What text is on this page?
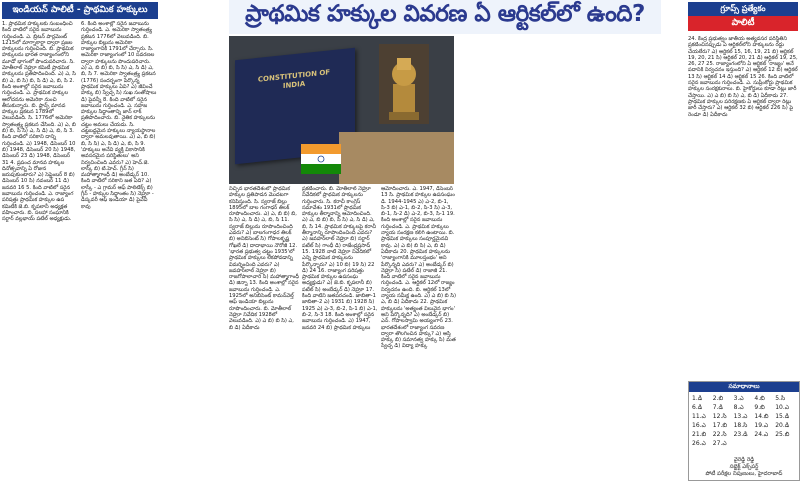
ఇండియన్ పాలిటీ - ప్రాథమిక హక్కులు	ప్రాథమిక హక్కుల వివరణ ఏ ఆర్టికల్‌లో ఉంది?	గ్రూప్స్ ప్రత్యేకం
పాలిటీ

1. ప్రాథమిక హక్కులకు సంబంధించి కింది వాటిలో సరైన జవాబును గుర్తించండి. ఎ. బ్రిటన్ పార్లమెంట్ 1215లో మాగ్నాకార్టా ద్వారా ప్రజల హక్కులను గుర్తించింది. బి. ప్రాథమిక హక్కులను భారత రాజ్యాంగంలోని మూడో భాగంలో పొందుపరిచారు. సి. మోతీలాల్ నెహ్రూ కమిటీ ప్రాథమిక హక్కులను ప్రతిపాదించింది. ఎ) ఎ, సి బి) ఎ, బి సి) బి, సి డి) ఎ, బి, సి 2. కింది అంశాల్లో సరైన జవాబును గుర్తించండి. ఎ. ప్రాథమిక హక్కుల ఆలోచనను అమెరికా నుంచి తీసుకున్నారు. బి. ఫ్రాన్స్ మానవ హక్కుల ప్రకటన 1789లో వెలువడింది. సి. 1776లో అమెరికా స్వాతంత్ర్య ప్రకటన చేసింది. ఎ) ఎ, బి బి) బి, సి సి) ఎ, సి డి) ఎ, బి, సి 3. కింది వాటిలో సరికాని దాన్ని గుర్తించండి. ఎ) 1948, డిసెంబర్ 10 బి) 1948, డిసెంబర్ 20 సి) 1948, డిసెంబర్ 23 డి) 1948, డిసెంబర్ 31 4. ప్రపంచ మానవ హక్కుల దినోత్సవాన్ని ఏ రోజున జరుపుకుంటారు? ఎ) సెప్టెంబర్ 8 బి) డిసెంబర్ 10 సి) నవంబర్ 11 డి) జనవరి 16 5. కింది వాటిలో సరైన జవాబును గుర్తించండి. ఎ. రాజ్యాంగ పరిషత్తు ప్రాథమిక హక్కుల ఉప కమిటీకి జె.బి. కృపలానీ అధ్యక్షత వహించారు. బి. సలహా సంఘానికి సర్దార్ వల్లభాయ్ పటేల్ అధ్యక్షుడు.

6. కింది అంశాల్లో సరైన జవాబును గుర్తించండి. ఎ. అమెరికా స్వాతంత్ర్య ప్రకటన 1776లో వెలువడింది. బి. హక్కుల బిల్లును అమెరికా రాజ్యాంగానికి 1791లో చేర్చారు. సి. అమెరికా రాజ్యాంగంలో 10 సవరణల ద్వారా హక్కులను పొందుపరిచారు. ఎ) ఎ, బి బి) బి, సి సి) ఎ, సి డి) ఎ, బి, సి 7. అమెరికా స్వాతంత్ర్య ప్రకటన (1776) సందర్భంగా పేర్కొన్న ప్రాథమిక హక్కులు ఏవి? ఎ) జీవించే హక్కు బి) స్వేచ్ఛ సి) సుఖ సంతోషాలు డి) పైవన్నీ 8. కింది వాటిలో సరైన జవాబును గుర్తించండి. ఎ. సహజ హక్కుల సిద్ధాంతాన్ని జాన్ లాక్ ప్రతిపాదించారు. బి. నైతిక హక్కులను చట్టం అమలు చేయదు. సి. చట్టబద్ధమైన హక్కులు న్యాయస్థానాల ద్వారా అమలవుతాయి. ఎ) ఎ, బి బి) బి, సి సి) ఎ, సి డి) ఎ, బి, సి 9. 'హక్కులు అనేవి వ్యక్తి వికాసానికి అవసరమైన పరిస్థితులు' అని నిర్వచించింది ఎవరు? ఎ) హెచ్.జె. లాస్కీ బి) టి.హెచ్. గ్రీన్ సి) మహాత్మాగాంధీ డి) అంబేడ్కర్ 10. కింది వాటిలో సరికాని జత ఏది? ఎ) లాస్కీ - ఎ గ్రామర్ ఆఫ్ పాలిటిక్స్ బి) గ్రీన్ - హక్కుల సిద్ధాంతం సి) నెహ్రూ - డిస్కవరీ ఆఫ్ ఇండియా డి) పైవేవీ కావు

CONSTITUTION OF INDIA

నిచ్చిన భారతదేశంలో ప్రాథమిక హక్కుల ప్రతిపాదన మొదటగా కనిపిస్తుంది. సి. స్వరాజ్ బిల్లు 1895లో బాల గంగాధర్ తిలక్ రూపొందించారు. ఎ) ఎ, బి బి) బి, సి సి) ఎ, సి డి) ఎ, బి, సి 11. స్వరాజ్ బిల్లును రూపొందించింది ఎవరు? ఎ) బాలగంగాధర తిలక్ బి) అనిబిసెంట్ సి) గోపాలకృష్ణ గోఖలే డి) దాదాభాయి నౌరోజీ 12. 'భారత ప్రభుత్వ చట్టం 1935'లో ప్రాథమిక హక్కులు లేకపోవడాన్ని విమర్శించింది ఎవరు? ఎ) జవహర్‌లాల్ నెహ్రూ బి) రాజగోపాలాచారి సి) మహాత్మాగాంధీ డి) జిన్నా 13. కింది అంశాల్లో సరైన జవాబును గుర్తించండి. ఎ. 1925లో అనిబిసెంట్ కామన్‌వెల్త్ ఆఫ్ ఇండియా బిల్లును రూపొందించారు. బి. మోతీలాల్ నెహ్రూ నివేదిక 1928లో వెలువడింది. ఎ) ఎ బి) బి సి) ఎ, బి డి) ఏదీకాదు

ప్రకటించారు. బి. మోతీలాల్ నెహ్రూ నివేదికలో ప్రాథమిక హక్కులను గుర్తించారు. సి. కరాచీ కాంగ్రెస్ సమావేశం 1931లో ప్రాథమిక హక్కుల తీర్మానాన్ని ఆమోదించింది. ఎ) ఎ, బి బి) బి, సి సి) ఎ, సి డి) ఎ, బి, సి 14. ప్రాథమిక హక్కులపై కరాచీ తీర్మానాన్ని రూపొందించింది ఎవరు? ఎ) జవహర్‌లాల్ నెహ్రూ బి) సర్దార్ పటేల్ సి) గాంధీ డి) రాజేంద్రప్రసాద్ 15. 1928 నాటి నెహ్రూ నివేదికలో ఎన్ని ప్రాథమిక హక్కులను పేర్కొన్నారు? ఎ) 10 బి) 19 సి) 22 డి) 24 16. రాజ్యాంగ పరిషత్తు ప్రాథమిక హక్కుల ఉపసంఘ అధ్యక్షుడు? ఎ) జె.బి. కృపలానీ బి) పటేల్ సి) అంబేడ్కర్ డి) నెహ్రూ 17. కింది వాటిని జతపరచండి. జాబితా-1 జాబితా-2 ఎ) 1931 బి) 1928 సి) 1925 ఎ) ఎ-3, బి-2, సి-1 బి) ఎ-1, బి-2, సి-3 18. కింది అంశాల్లో సరైన జవాబును గుర్తించండి. ఎ) 1947, జనవరి 24 బి) ప్రాథమిక హక్కులు

ఆమోదించారు. ఎ. 1947, డిసెంబర్ 13 సి. ప్రాథమిక హక్కుల ఉపసంఘం డి. 1944-1945 ఎ) ఎ-2, బి-1, సి-3 బి) ఎ-1, బి-2, సి-3 సి) ఎ-3, బి-1, సి-2 డి) ఎ-2, బి-3, సి-1 19. కింది అంశాల్లో సరైన జవాబును గుర్తించండి. ఎ. ప్రాథమిక హక్కులు న్యాయ సంరక్షణ కలిగి ఉంటాయి. బి. ప్రాథమిక హక్కులు సంపూర్ణమైనవి కావు. ఎ) ఎ బి) బి సి) ఎ, బి డి) ఏదీకాదు 20. ప్రాథమిక హక్కులను 'రాజ్యాంగానికి మూలస్తంభం' అని పేర్కొన్నది ఎవరు? ఎ) అంబేడ్కర్ బి) నెహ్రూ సి) పటేల్ డి) రాజాజీ 21. కింది వాటిలో సరైన జవాబును గుర్తించండి. ఎ. ఆర్టికల్ 12లో రాజ్యం నిర్వచనం ఉంది. బి. ఆర్టికల్ 13లో న్యాయ సమీక్ష ఉంది. ఎ) ఎ బి) బి సి) ఎ, బి డి) ఏదీకాదు 22. ప్రాథమిక హక్కులను 'అత్యంత విలువైన భాగం' అని పేర్కొన్నది? ఎ) అంబేడ్కర్ బి) ఎన్. గోపాలస్వామి అయ్యంగార్ 23. భారతదేశంలో రాజ్యాంగ సవరణ ద్వారా తొలగించిన హక్కు? ఎ) ఆస్తి హక్కు బి) సమానత్వ హక్కు సి) మత స్వేచ్ఛ డి) విద్యా హక్కు

24. కేంద్ర ప్రభుత్వం జాతీయ అత్యవసర పరిస్థితిని ప్రకటించినప్పుడు ఏ ఆర్టికల్‌లోని హక్కులను రద్దు చేయలేరు? ఎ) ఆర్టికల్ 15, 16, 19, 21 బి) ఆర్టికల్ 19, 20, 21 సి) ఆర్టికల్ 20, 21 డి) ఆర్టికల్ 19, 25, 26, 27 25. రాజ్యాంగంలోని ఏ ఆర్టికల్ 'రాజ్యం' అనే పదానికి నిర్వచనం ఇస్తుంది? ఎ) ఆర్టికల్ 12 బి) ఆర్టికల్ 13 సి) ఆర్టికల్ 14 డి) ఆర్టికల్ 15 26. కింది వాటిలో సరైన జవాబును గుర్తించండి. ఎ. సుప్రీంకోర్టు ప్రాథమిక హక్కుల సంరక్షకురాలు. బి. హైకోర్టులు కూడా రిట్లు జారీ చేస్తాయి. ఎ) ఎ బి) బి సి) ఎ, బి డి) ఏదీకాదు 27. ప్రాథమిక హక్కుల పరిరక్షణకు ఏ ఆర్టికల్ ద్వారా రిట్లు జారీ చేస్తారు? ఎ) ఆర్టికల్ 32 బి) ఆర్టికల్ 226 సి) పై రెండూ డి) ఏదీకాదు

సమాధానాలు
1.డి	2.బి	3.ఎ	4.బి	5.సి
6.డి	7.డి	8.ఎ	9.బి	10.ఎ
11.ఎ	12.సి	13.ఎ	14.బి	15.డి
16.ఎ	17.బి	18.సి	19.ఎ	20.డి
21.బి	22.సి	23.డి	24.ఎ	25.బి
26.ఎ	27.ఎ
వైరెడ్డి రెడ్డి
సబ్జెక్ట్ ఎక్స్‌పర్ట్
పోటీ పరీక్షల నిపుణులు, హైదరాబాద్
